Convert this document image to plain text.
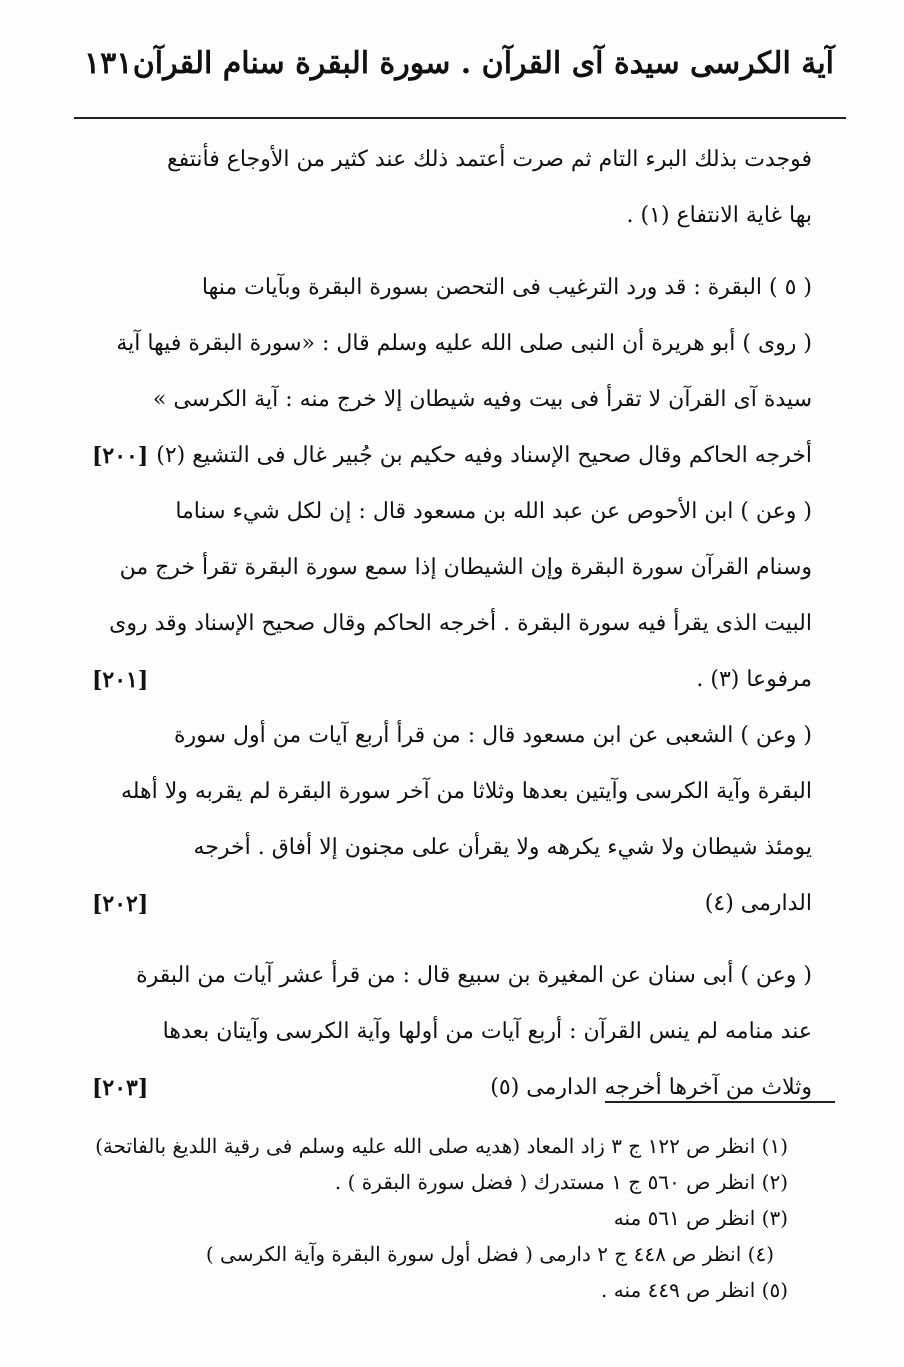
آية الكرسى سيدة آى القرآن . سورة البقرة سنام القرآن
١٣١
فوجدت بذلك البرء التام ثم صرت أعتمد ذلك عند كثير من الأوجاع فأنتفع
بها غاية الانتفاع (١) .
( ٥ ) البقرة : قد ورد الترغيب فى التحصن بسورة البقرة وبآيات منها
( روى ) أبو هريرة أن النبى صلى الله عليه وسلم قال : «سورة البقرة فيها آية
سيدة آى القرآن لا تقرأ فى بيت وفيه شيطان إلا خرج منه : آية الكرسى »
أخرجه الحاكم وقال صحيح الإسناد وفيه حكيم بن جُبير غال فى التشيع (٢)
[٢٠٠]
( وعن ) ابن الأحوص عن عبد الله بن مسعود قال : إن لكل شيء سناما
وسنام القرآن سورة البقرة وإن الشيطان إذا سمع سورة البقرة تقرأ خرج من
البيت الذى يقرأ فيه سورة البقرة . أخرجه الحاكم وقال صحيح الإسناد وقد روى
مرفوعا (٣) .
[٢٠١]
( وعن ) الشعبى عن ابن مسعود قال : من قرأ أربع آيات من أول سورة
البقرة وآية الكرسى وآيتين بعدها وثلاثا من آخر سورة البقرة لم يقربه ولا أهله
يومئذ شيطان ولا شيء يكرهه ولا يقرأن على مجنون إلا أفاق . أخرجه
الدارمى (٤)
[٢٠٢]
( وعن ) أبى سنان عن المغيرة بن سبيع قال : من قرأ عشر آيات من البقرة
عند منامه لم ينس القرآن : أربع آيات من أولها وآية الكرسى وآيتان بعدها
وثلاث من آخرها أخرجه الدارمى (٥)
[٢٠٣]
(١) انظر ص ١٢٢ ج ٣ زاد المعاد (هديه صلى الله عليه وسلم فى رقية اللديغ بالفاتحة)
(٢) انظر ص ٥٦٠ ج ١ مستدرك ( فضل سورة البقرة ) .
(٣) انظر ص ٥٦١ منه
(٤) انظر ص ٤٤٨ ج ٢ دارمى ( فضل أول سورة البقرة وآية الكرسى )
(٥) انظر ص ٤٤٩ منه .
